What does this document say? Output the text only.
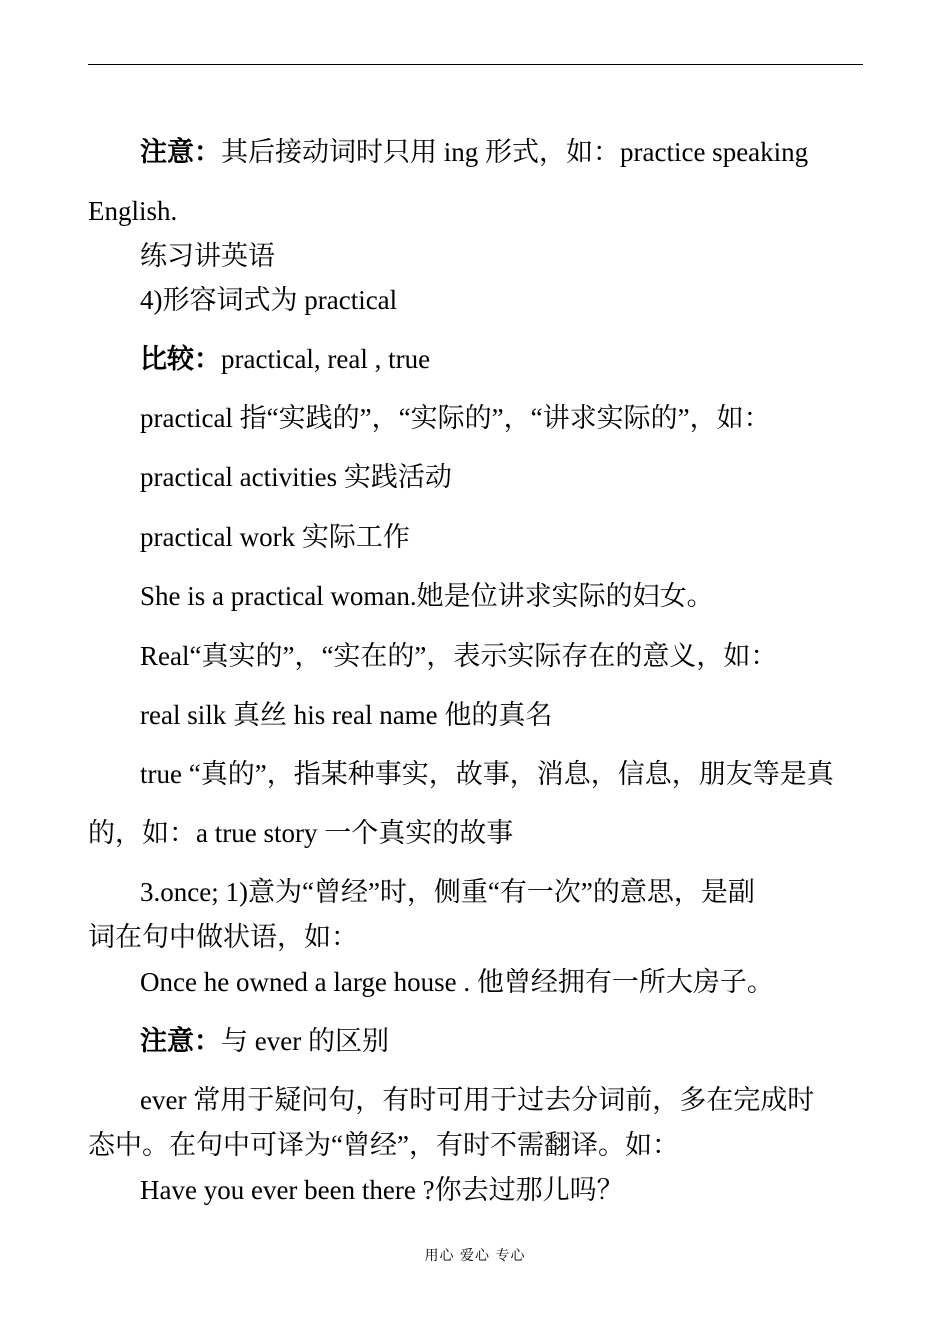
注意：其后接动词时只用 ing 形式，如：practice speaking
English.
练习讲英语
4)形容词式为 practical
比较：practical, real , true
practical 指“实践的”，“实际的”，“讲求实际的”，如：
practical activities 实践活动
practical work 实际工作
She is a practical woman.她是位讲求实际的妇女。
Real“真实的”，“实在的”，表示实际存在的意义，如：
real silk 真丝 his real name 他的真名
true “真的”，指某种事实，故事，消息，信息，朋友等是真
的，如：a true story 一个真实的故事
3.once; 1)意为“曾经”时，侧重“有一次”的意思，是副
词在句中做状语，如：
Once he owned a large house . 他曾经拥有一所大房子。
注意：与 ever 的区别
ever 常用于疑问句，有时可用于过去分词前，多在完成时
态中。在句中可译为“曾经”，有时不需翻译。如：
Have you ever been there ?你去过那儿吗？
用心 爱心 专心
